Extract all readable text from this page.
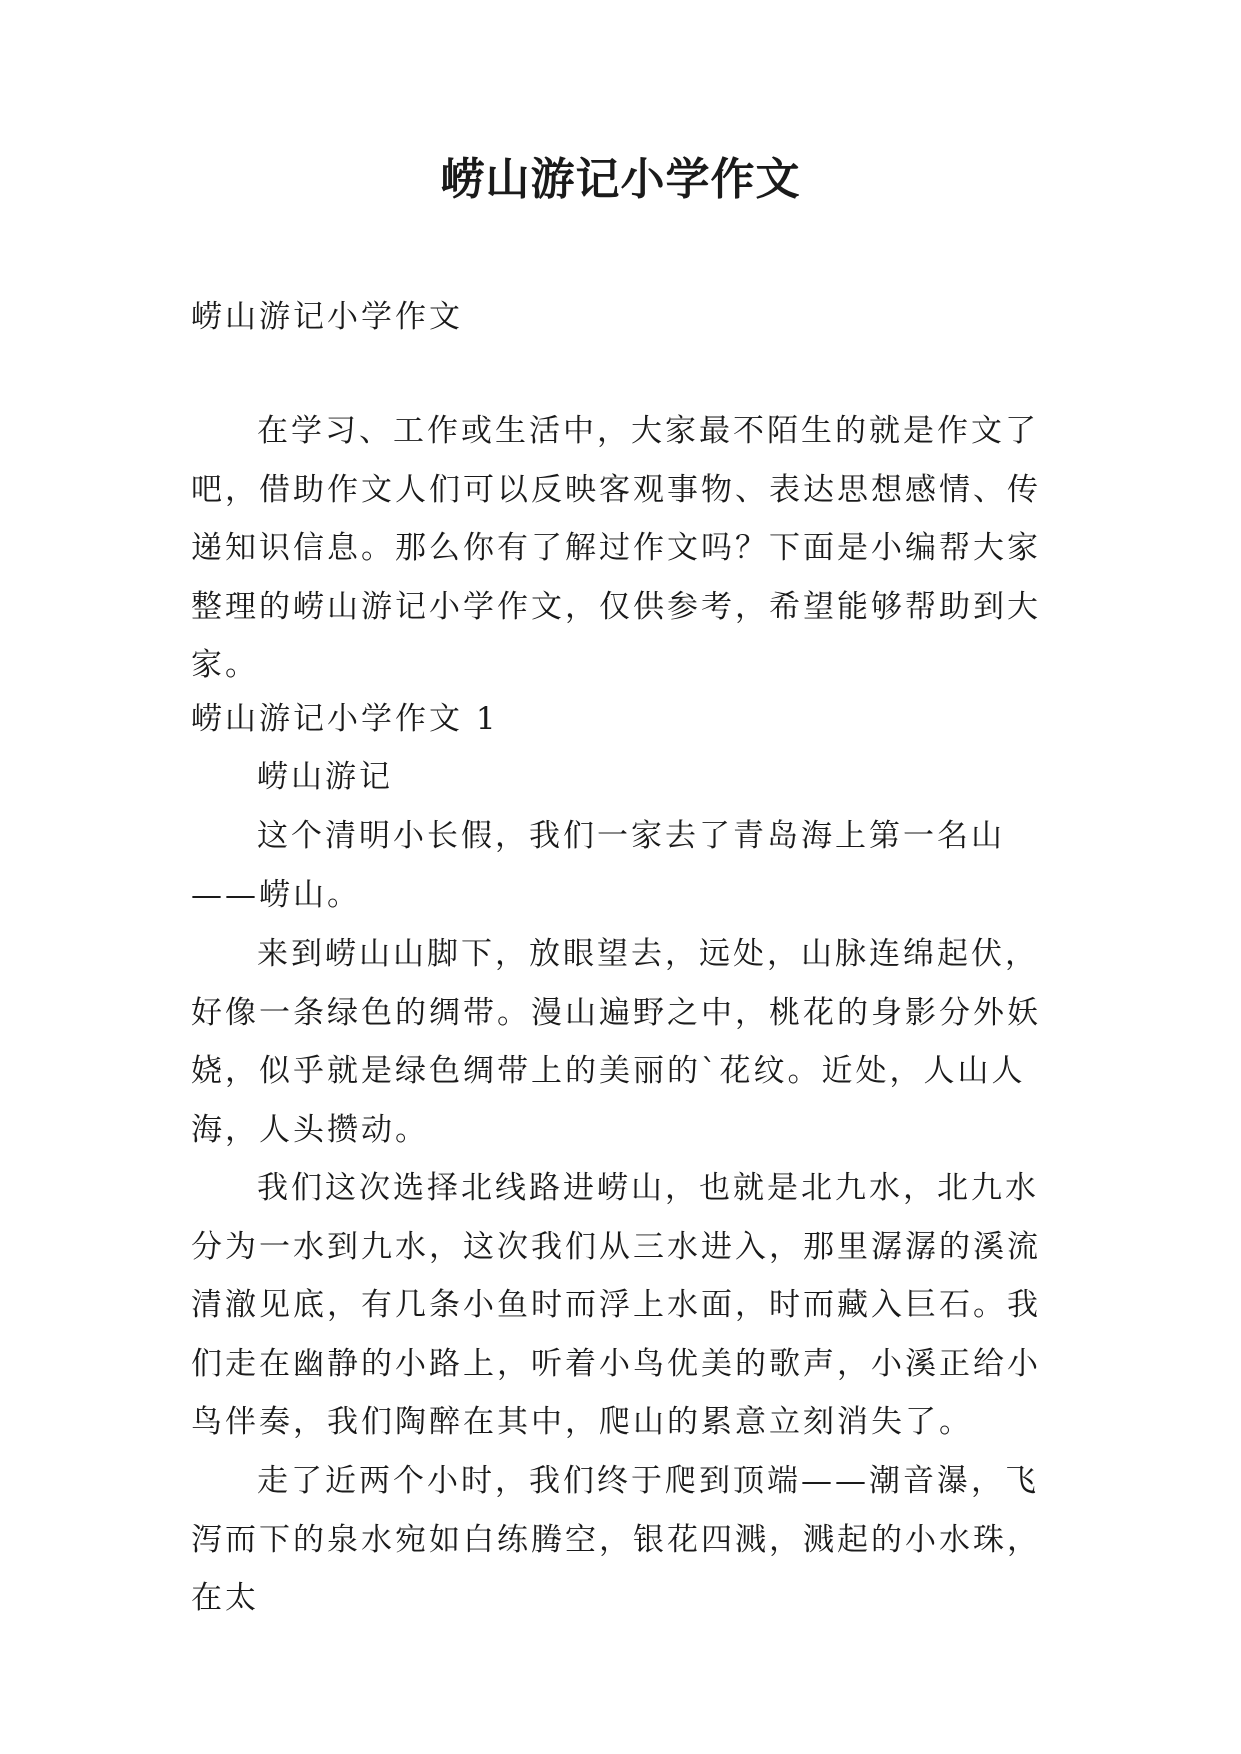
崂山游记小学作文

崂山游记小学作文

在学习、工作或生活中，大家最不陌生的就是作文了吧，借助作文人们可以反映客观事物、表达思想感情、传递知识信息。那么你有了解过作文吗？下面是小编帮大家整理的崂山游记小学作文，仅供参考，希望能够帮助到大家。

崂山游记小学作文 1

崂山游记

这个清明小长假，我们一家去了青岛海上第一名山——崂山。

来到崂山山脚下，放眼望去，远处，山脉连绵起伏，好像一条绿色的绸带。漫山遍野之中，桃花的身影分外妖娆，似乎就是绿色绸带上的美丽的`花纹。近处，人山人海，人头攒动。

我们这次选择北线路进崂山，也就是北九水，北九水分为一水到九水，这次我们从三水进入，那里潺潺的溪流清澈见底，有几条小鱼时而浮上水面，时而藏入巨石。我们走在幽静的小路上，听着小鸟优美的歌声，小溪正给小鸟伴奏，我们陶醉在其中，爬山的累意立刻消失了。

走了近两个小时，我们终于爬到顶端——潮音瀑，飞泻而下的泉水宛如白练腾空，银花四溅，溅起的小水珠，在太
